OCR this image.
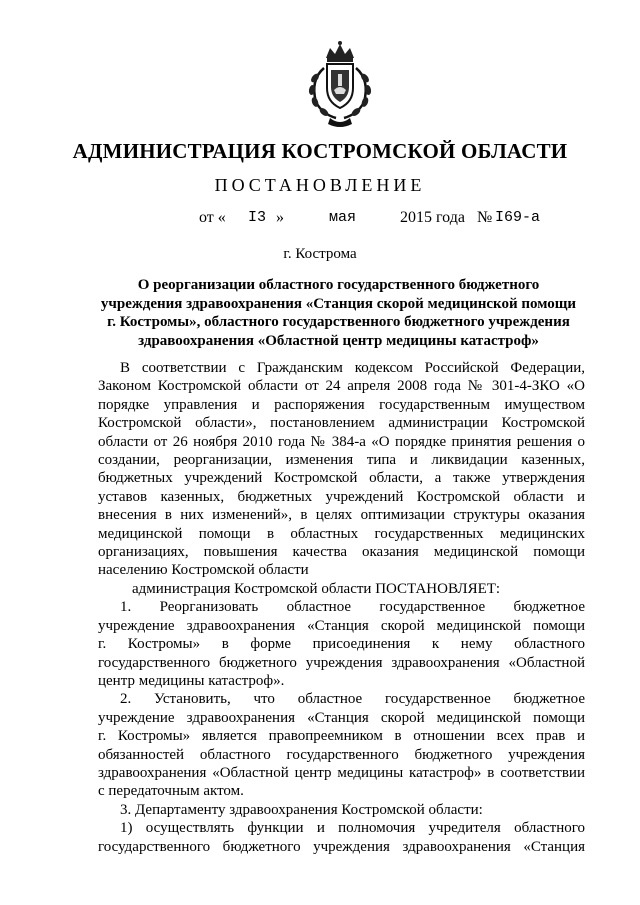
АДМИНИСТРАЦИЯ КОСТРОМСКОЙ ОБЛАСТИ
ПОСТАНОВЛЕНИЕ
от « I3 »	мая	2015 года № I69-а
г. Кострома
О реорганизации областного государственного бюджетного
учреждения здравоохранения «Станция скорой медицинской помощи
г. Костромы», областного государственного бюджетного учреждения
здравоохранения «Областной центр медицины катастроф»

В соответствии с Гражданским кодексом Российской Федерации,

Законом Костромской области от 24 апреля 2008 года № 301-4-ЗКО «О

порядке управления и распоряжения государственным имуществом

Костромской области», постановлением администрации Костромской

области от 26 ноября 2010 года № 384-а «О порядке принятия решения о

создании, реорганизации, изменения типа и ликвидации казенных,

бюджетных учреждений Костромской области, а также утверждения

уставов казенных, бюджетных учреждений Костромской области и

внесения в них изменений», в целях оптимизации структуры оказания

медицинской помощи в областных государственных медицинских

организациях, повышения качества оказания медицинской помощи

населению Костромской области

администрация Костромской области ПОСТАНОВЛЯЕТ:

1. Реорганизовать областное государственное бюджетное

учреждение здравоохранения «Станция скорой медицинской помощи

г. Костромы» в форме присоединения к нему областного

государственного бюджетного учреждения здравоохранения «Областной

центр медицины катастроф».

2. Установить, что областное государственное бюджетное

учреждение здравоохранения «Станция скорой медицинской помощи

г. Костромы» является правопреемником в отношении всех прав и

обязанностей областного государственного бюджетного учреждения

здравоохранения «Областной центр медицины катастроф» в соответствии

с передаточным актом.

3. Департаменту здравоохранения Костромской области:

1) осуществлять функции и полномочия учредителя областного

государственного бюджетного учреждения здравоохранения «Станция
